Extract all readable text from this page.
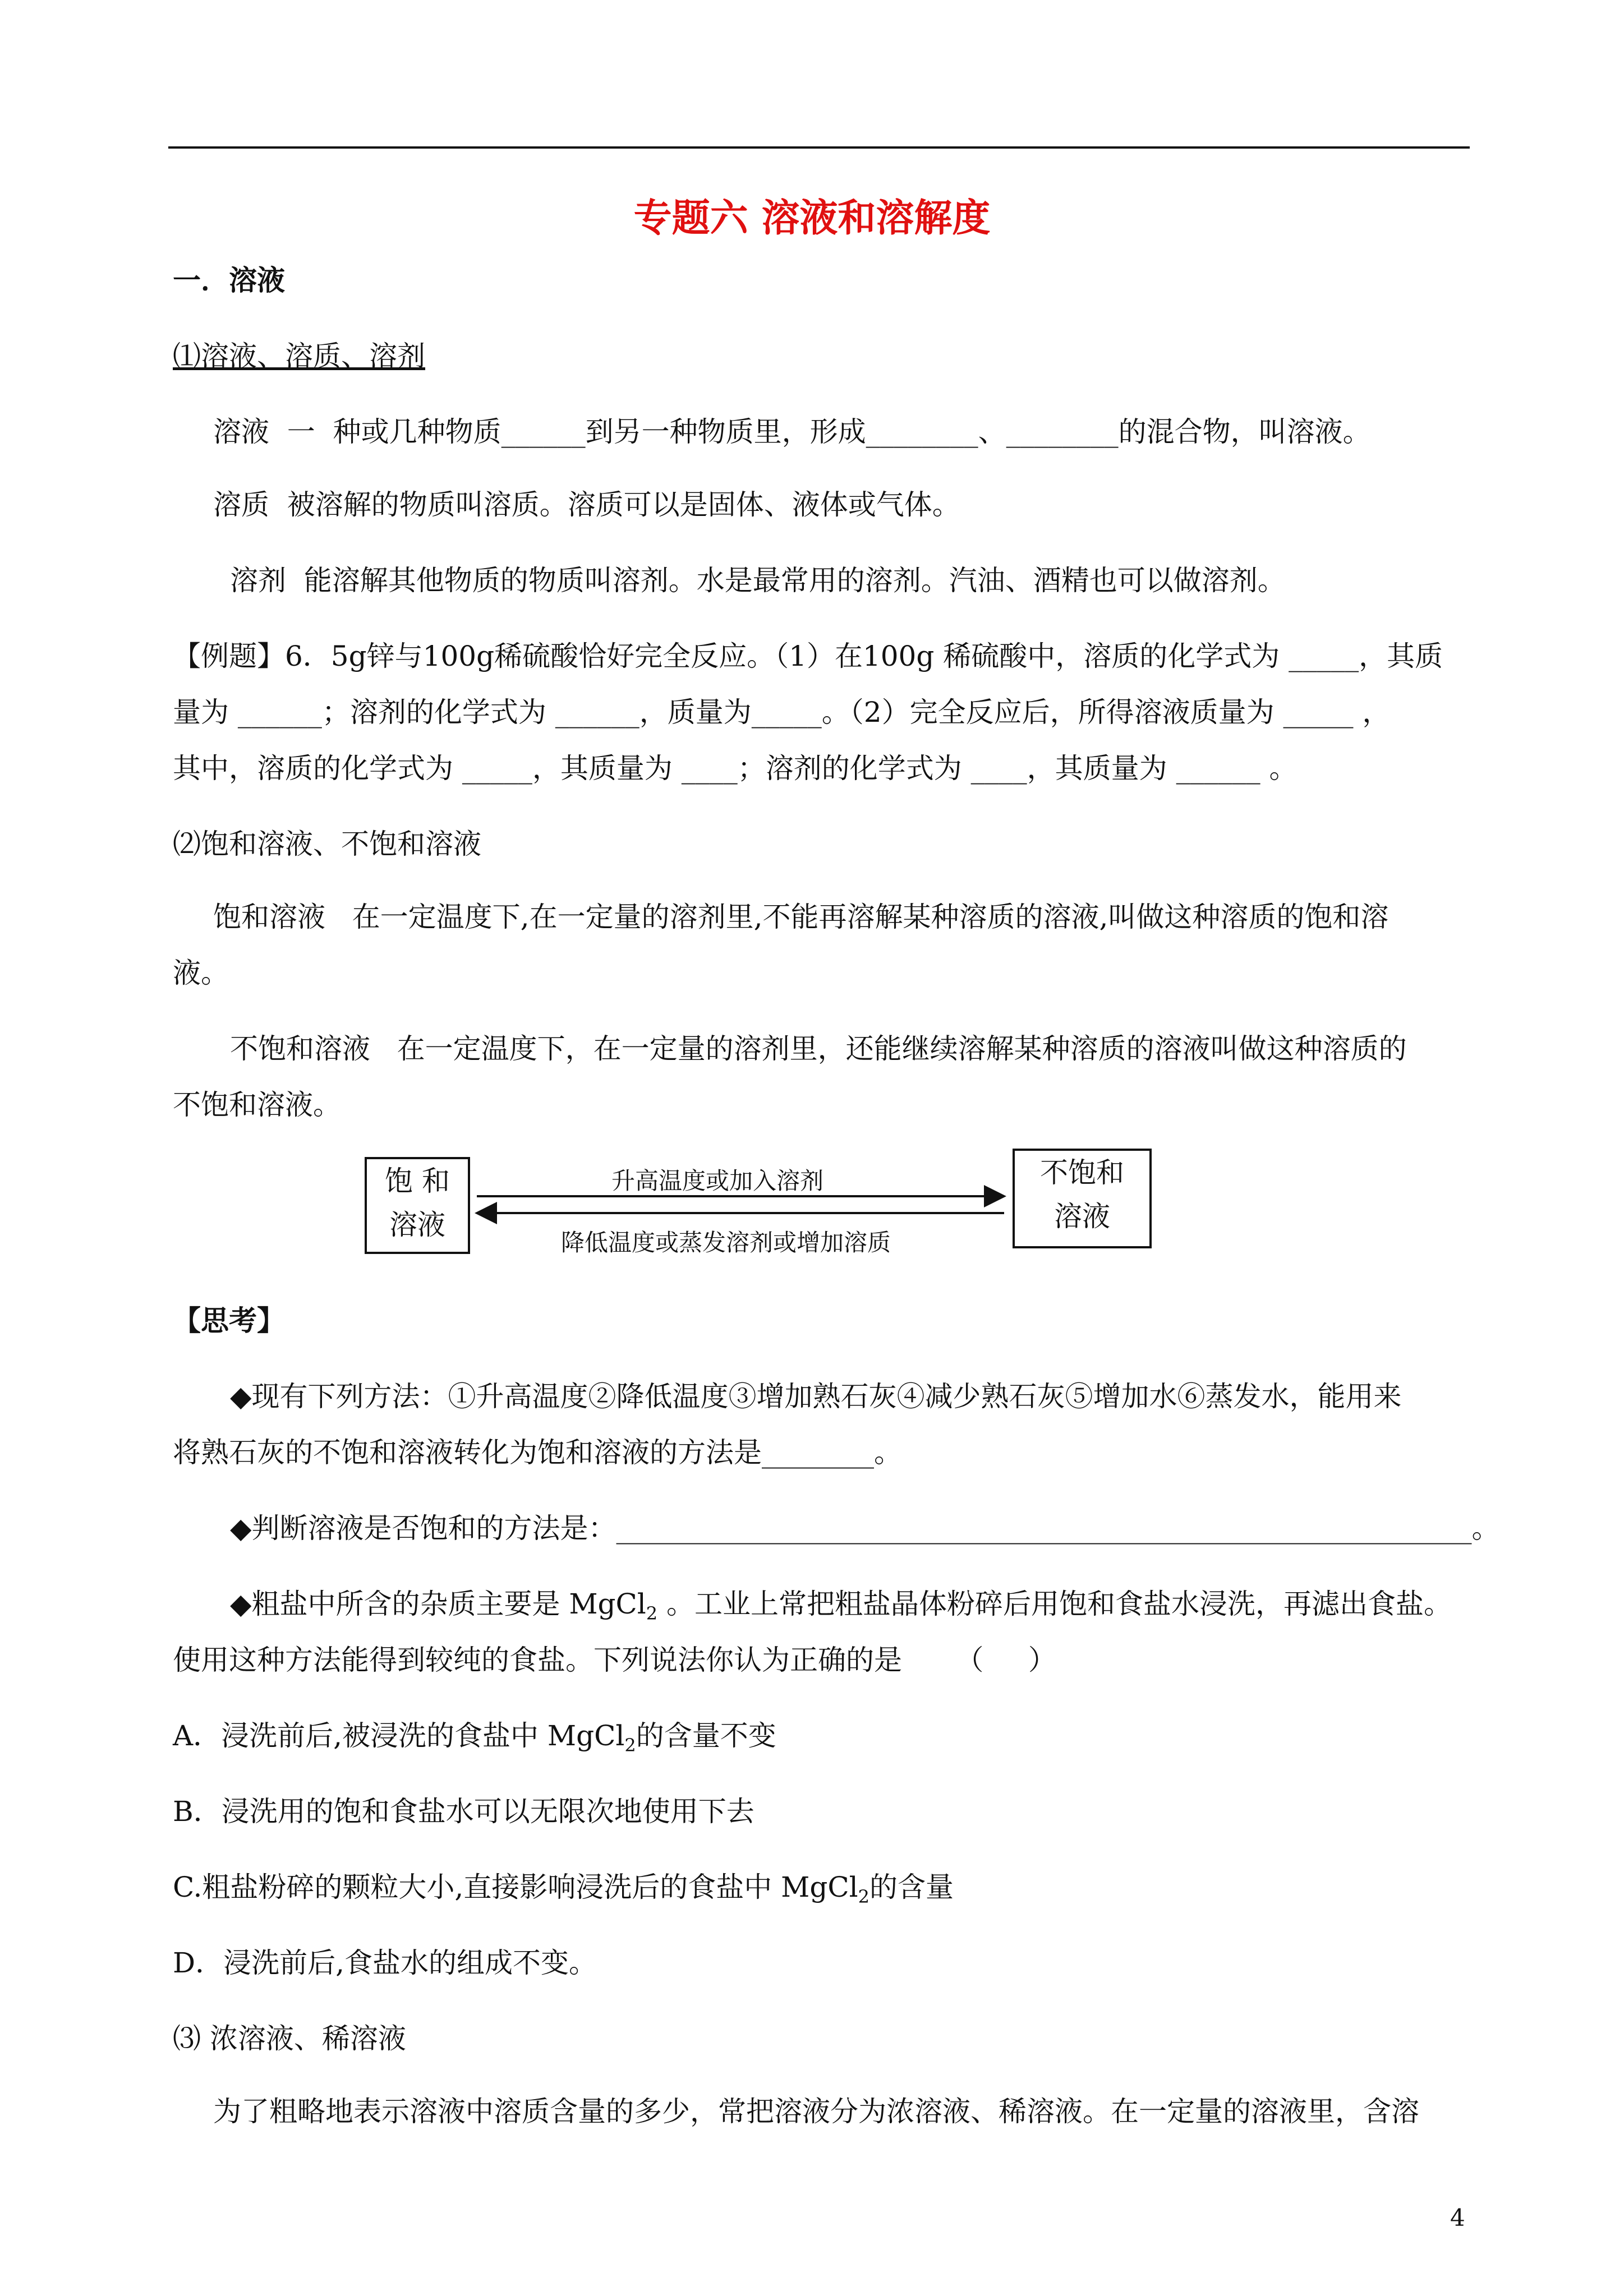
专题六 溶液和溶解度
一．溶液
⑴溶液、溶质、溶剂
溶液  一  种或几种物质______到另一种物质里，形成________、________的混合物，叫溶液。
溶质  被溶解的物质叫溶质。溶质可以是固体、液体或气体。
溶剂  能溶解其他物质的物质叫溶剂。水是最常用的溶剂。汽油、酒精也可以做溶剂。
【例题】6．5g锌与100g稀硫酸恰好完全反应。（1）在100g 稀硫酸中，溶质的化学式为 _____，其质
量为 ______；溶剂的化学式为 ______，质量为_____。（2）完全反应后，所得溶液质量为 _____ ，
其中，溶质的化学式为 _____，其质量为 ____；溶剂的化学式为 ____，其质量为 ______ 。
⑵饱和溶液、不饱和溶液
饱和溶液   在一定温度下,在一定量的溶剂里,不能再溶解某种溶质的溶液,叫做这种溶质的饱和溶
液。
不饱和溶液   在一定温度下，在一定量的溶剂里，还能继续溶解某种溶质的溶液叫做这种溶质的
不饱和溶液。
饱 和
溶液
不饱和
溶液
升高温度或加入溶剂
降低温度或蒸发溶剂或增加溶质
【思考】
◆现有下列方法：①升高温度②降低温度③增加熟石灰④减少熟石灰⑤增加水⑥蒸发水，能用来
将熟石灰的不饱和溶液转化为饱和溶液的方法是________。
◆判断溶液是否饱和的方法是：_____________________________________________________________。
◆粗盐中所含的杂质主要是 MgCl$_2$ 。工业上常把粗盐晶体粉碎后用饱和食盐水浸洗，再滤出食盐。
使用这种方法能得到较纯的食盐。下列说法你认为正确的是      （     ）
A．浸洗前后,被浸洗的食盐中 MgCl$_2$的含量不变
B．浸洗用的饱和食盐水可以无限次地使用下去
C.粗盐粉碎的颗粒大小,直接影响浸洗后的食盐中 MgCl$_2$的含量
D．浸洗前后,食盐水的组成不变。
⑶ 浓溶液、稀溶液
为了粗略地表示溶液中溶质含量的多少，常把溶液分为浓溶液、稀溶液。在一定量的溶液里，含溶
4
